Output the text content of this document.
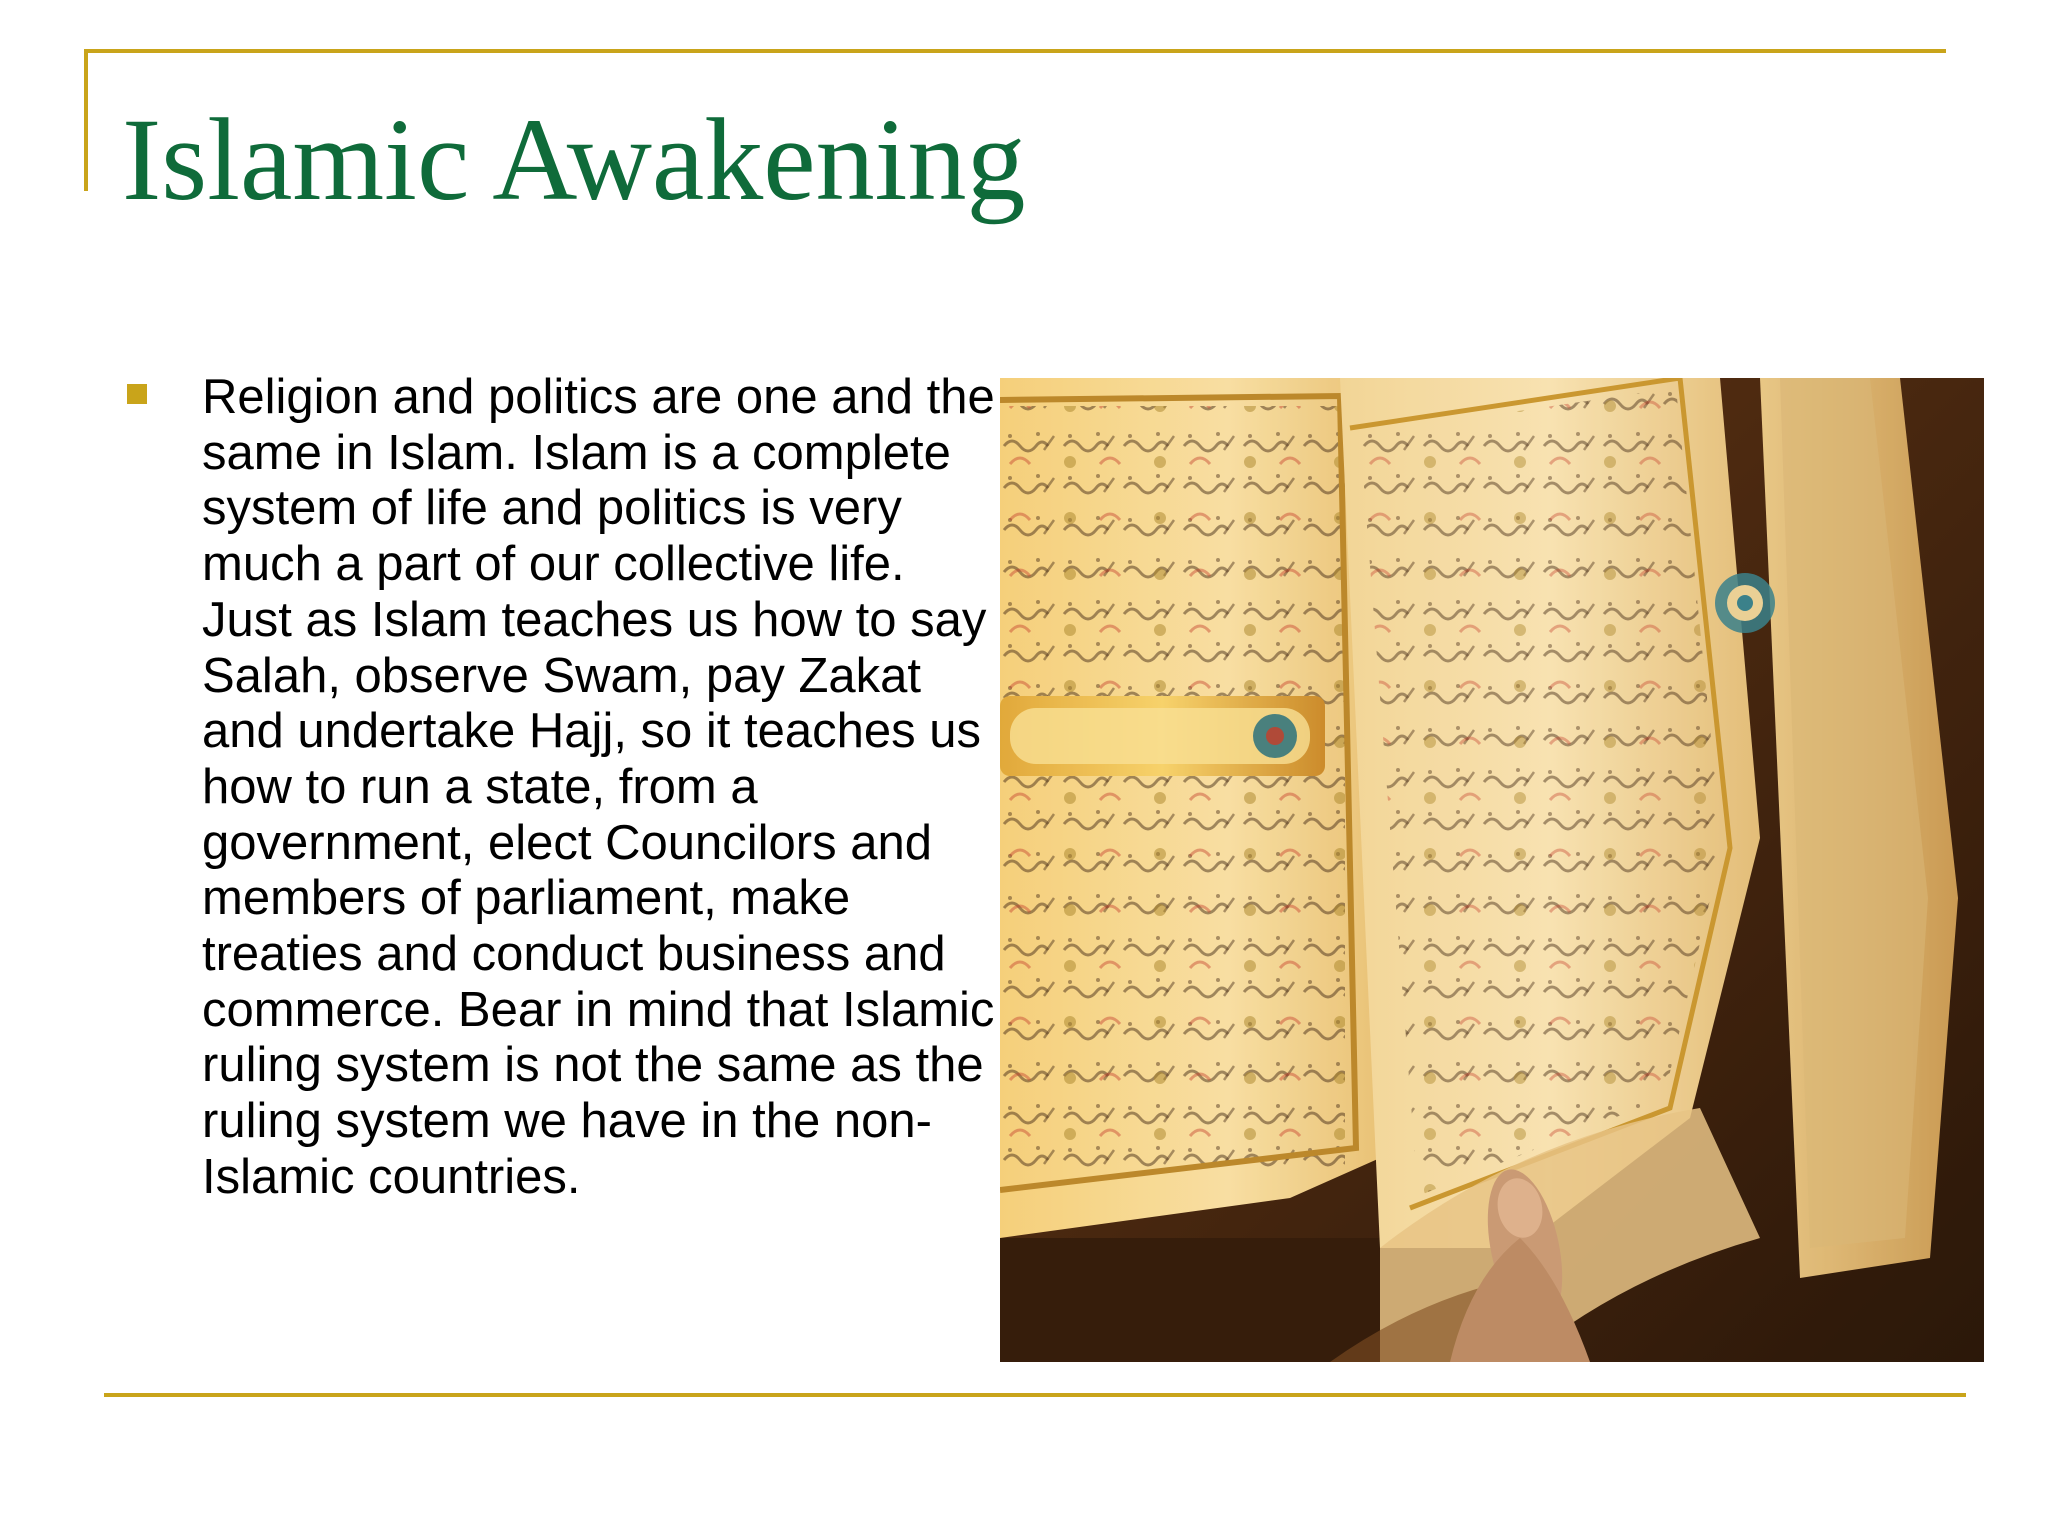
Islamic Awakening

Religion and politics are one and the same in Islam. Islam is a complete system of life and politics is very much a part of our collective life. Just as Islam teaches us how to say Salah, observe Swam, pay Zakat and undertake Hajj, so it teaches us how to run a state, from a government, elect Councilors and members of parliament, make treaties and conduct business and commerce. Bear in mind that Islamic ruling system is not the same as the ruling system we have in the non-Islamic countries.
